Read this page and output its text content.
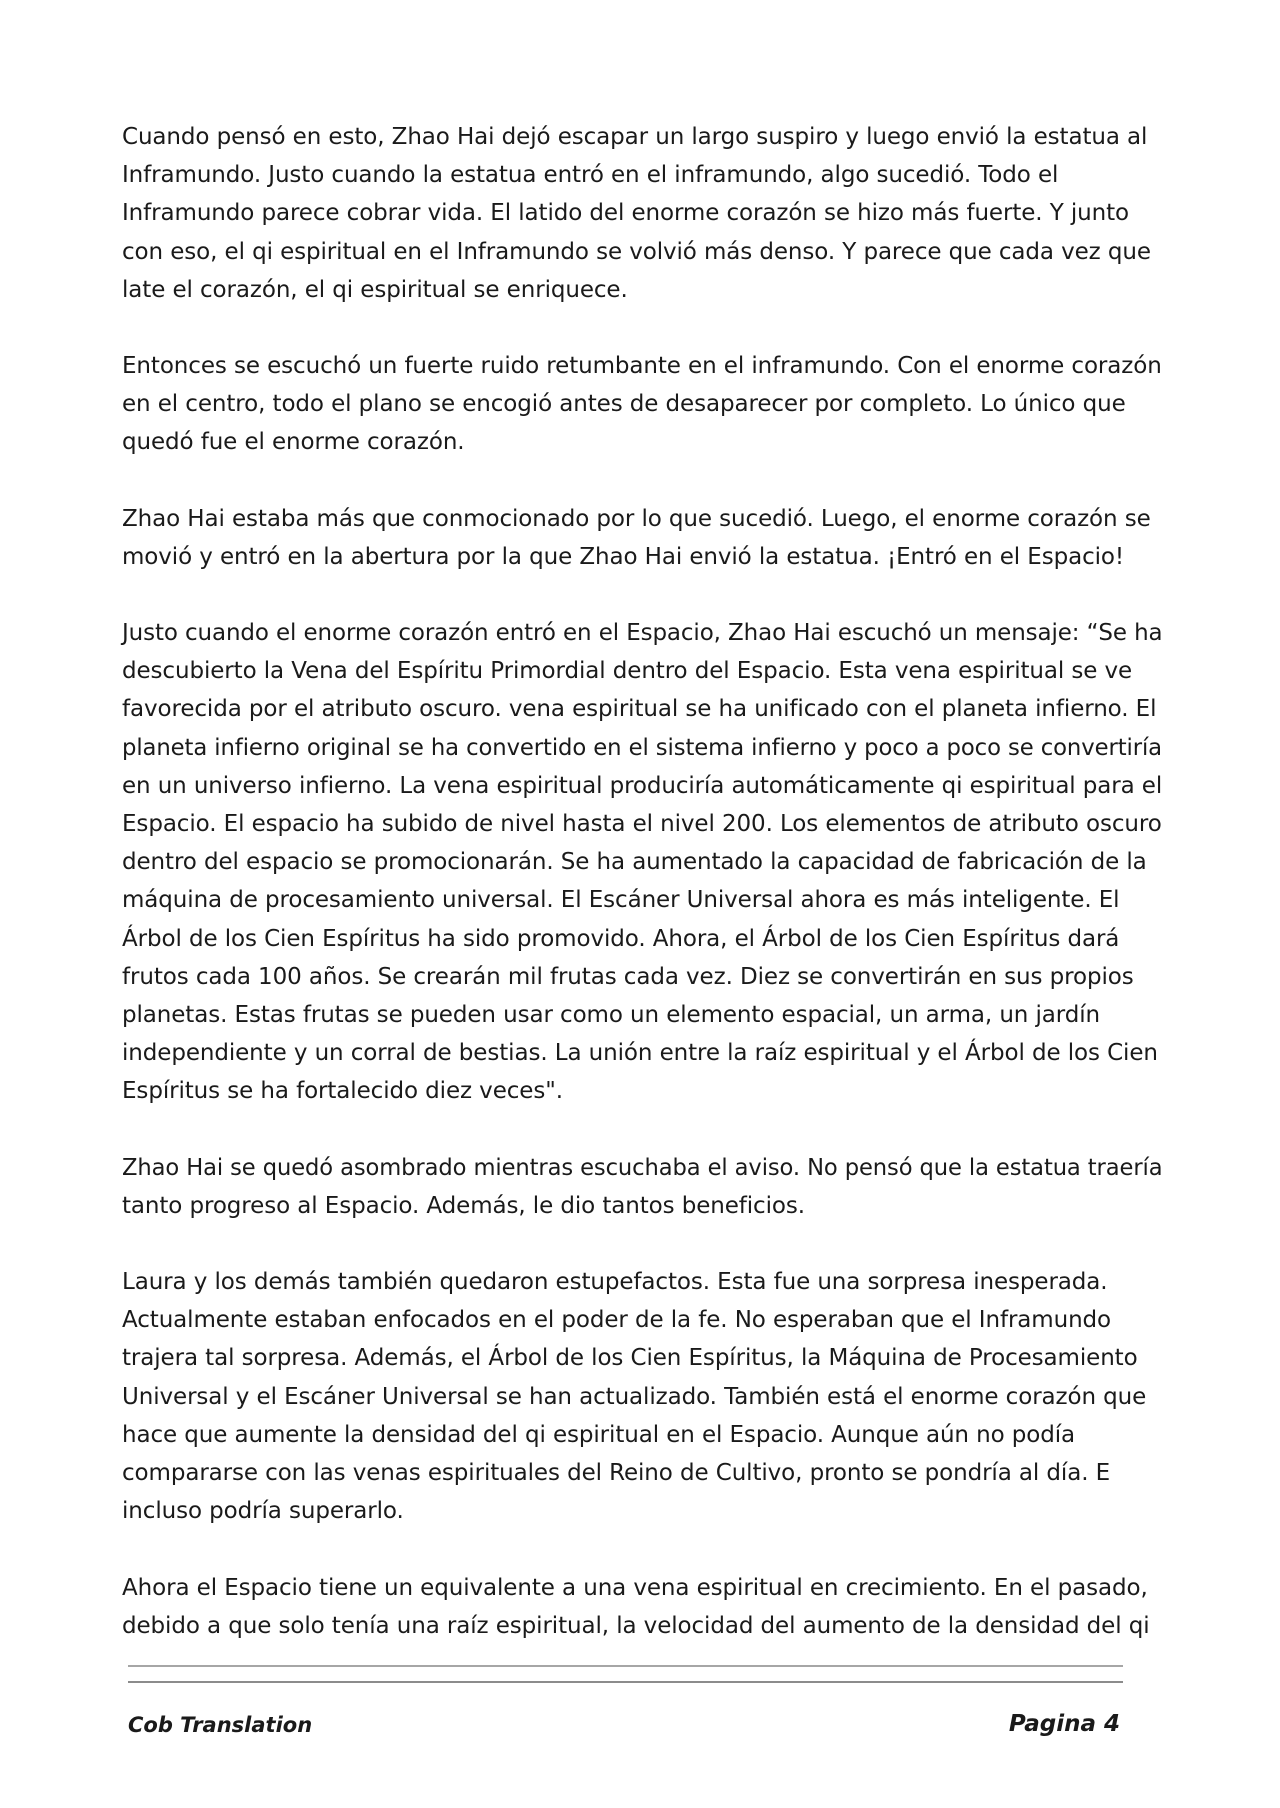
Cuando pensó en esto, Zhao Hai dejó escapar un largo suspiro y luego envió la estatua al
Inframundo. Justo cuando la estatua entró en el inframundo, algo sucedió. Todo el
Inframundo parece cobrar vida. El latido del enorme corazón se hizo más fuerte. Y junto
con eso, el qi espiritual en el Inframundo se volvió más denso. Y parece que cada vez que
late el corazón, el qi espiritual se enriquece.

Entonces se escuchó un fuerte ruido retumbante en el inframundo. Con el enorme corazón
en el centro, todo el plano se encogió antes de desaparecer por completo. Lo único que
quedó fue el enorme corazón.

Zhao Hai estaba más que conmocionado por lo que sucedió. Luego, el enorme corazón se
movió y entró en la abertura por la que Zhao Hai envió la estatua. ¡Entró en el Espacio!

Justo cuando el enorme corazón entró en el Espacio, Zhao Hai escuchó un mensaje: “Se ha
descubierto la Vena del Espíritu Primordial dentro del Espacio. Esta vena espiritual se ve
favorecida por el atributo oscuro. vena espiritual se ha unificado con el planeta infierno. El
planeta infierno original se ha convertido en el sistema infierno y poco a poco se convertiría
en un universo infierno. La vena espiritual produciría automáticamente qi espiritual para el
Espacio. El espacio ha subido de nivel hasta el nivel 200. Los elementos de atributo oscuro
dentro del espacio se promocionarán. Se ha aumentado la capacidad de fabricación de la
máquina de procesamiento universal. El Escáner Universal ahora es más inteligente. El
Árbol de los Cien Espíritus ha sido promovido. Ahora, el Árbol de los Cien Espíritus dará
frutos cada 100 años. Se crearán mil frutas cada vez. Diez se convertirán en sus propios
planetas. Estas frutas se pueden usar como un elemento espacial, un arma, un jardín
independiente y un corral de bestias. La unión entre la raíz espiritual y el Árbol de los Cien
Espíritus se ha fortalecido diez veces".

Zhao Hai se quedó asombrado mientras escuchaba el aviso. No pensó que la estatua traería
tanto progreso al Espacio. Además, le dio tantos beneficios.

Laura y los demás también quedaron estupefactos. Esta fue una sorpresa inesperada.
Actualmente estaban enfocados en el poder de la fe. No esperaban que el Inframundo
trajera tal sorpresa. Además, el Árbol de los Cien Espíritus, la Máquina de Procesamiento
Universal y el Escáner Universal se han actualizado. También está el enorme corazón que
hace que aumente la densidad del qi espiritual en el Espacio. Aunque aún no podía
compararse con las venas espirituales del Reino de Cultivo, pronto se pondría al día. E
incluso podría superarlo.

Ahora el Espacio tiene un equivalente a una vena espiritual en crecimiento. En el pasado,
debido a que solo tenía una raíz espiritual, la velocidad del aumento de la densidad del qi

Cob Translation	Pagina 4
